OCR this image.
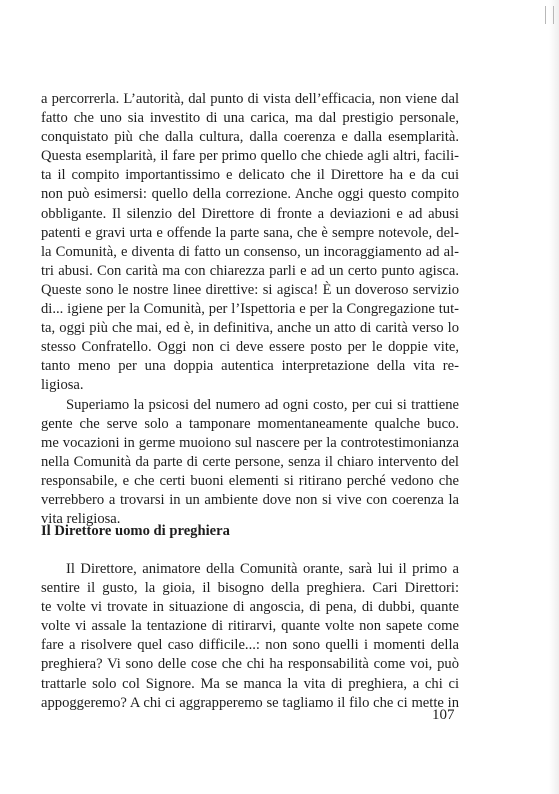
a percorrerla. L’autorità, dal punto di vista dell’efficacia, non viene dal
fatto che uno sia investito di una carica, ma dal prestigio personale,
conquistato più che dalla cultura, dalla coerenza e dalla esemplarità.
Questa esemplarità, il fare per primo quello che chiede agli altri, facili-
ta il compito importantissimo e delicato che il Direttore ha e da cui
non può esimersi: quello della correzione. Anche oggi questo compito
obbligante. Il silenzio del Direttore di fronte a deviazioni e ad abusi
patenti e gravi urta e offende la parte sana, che è sempre notevole, del-
la Comunità, e diventa di fatto un consenso, un incoraggiamento ad al-
tri abusi. Con carità ma con chiarezza parli e ad un certo punto agisca.
Queste sono le nostre linee direttive: si agisca! È un doveroso servizio
di... igiene per la Comunità, per l’Ispettoria e per la Congregazione tut-
ta, oggi più che mai, ed è, in definitiva, anche un atto di carità verso lo
stesso Confratello. Oggi non ci deve essere posto per le doppie vite,
tanto meno per una doppia autentica interpretazione della vita re-
ligiosa.
Superiamo la psicosi del numero ad ogni costo, per cui si trattiene
gente che serve solo a tamponare momentaneamente qualche buco.
me vocazioni in germe muoiono sul nascere per la controtestimonianza
nella Comunità da parte di certe persone, senza il chiaro intervento del
responsabile, e che certi buoni elementi si ritirano perché vedono che
verrebbero a trovarsi in un ambiente dove non si vive con coerenza la
vita religiosa.
Il Direttore uomo di preghiera
Il Direttore, animatore della Comunità orante, sarà lui il primo a
sentire il gusto, la gioia, il bisogno della preghiera. Cari Direttori:
te volte vi trovate in situazione di angoscia, di pena, di dubbi, quante
volte vi assale la tentazione di ritirarvi, quante volte non sapete come
fare a risolvere quel caso difficile...: non sono quelli i momenti della
preghiera? Vi sono delle cose che chi ha responsabilità come voi, può
trattarle solo col Signore. Ma se manca la vita di preghiera, a chi ci
appoggeremo? A chi ci aggrapperemo se tagliamo il filo che ci mette in
107
